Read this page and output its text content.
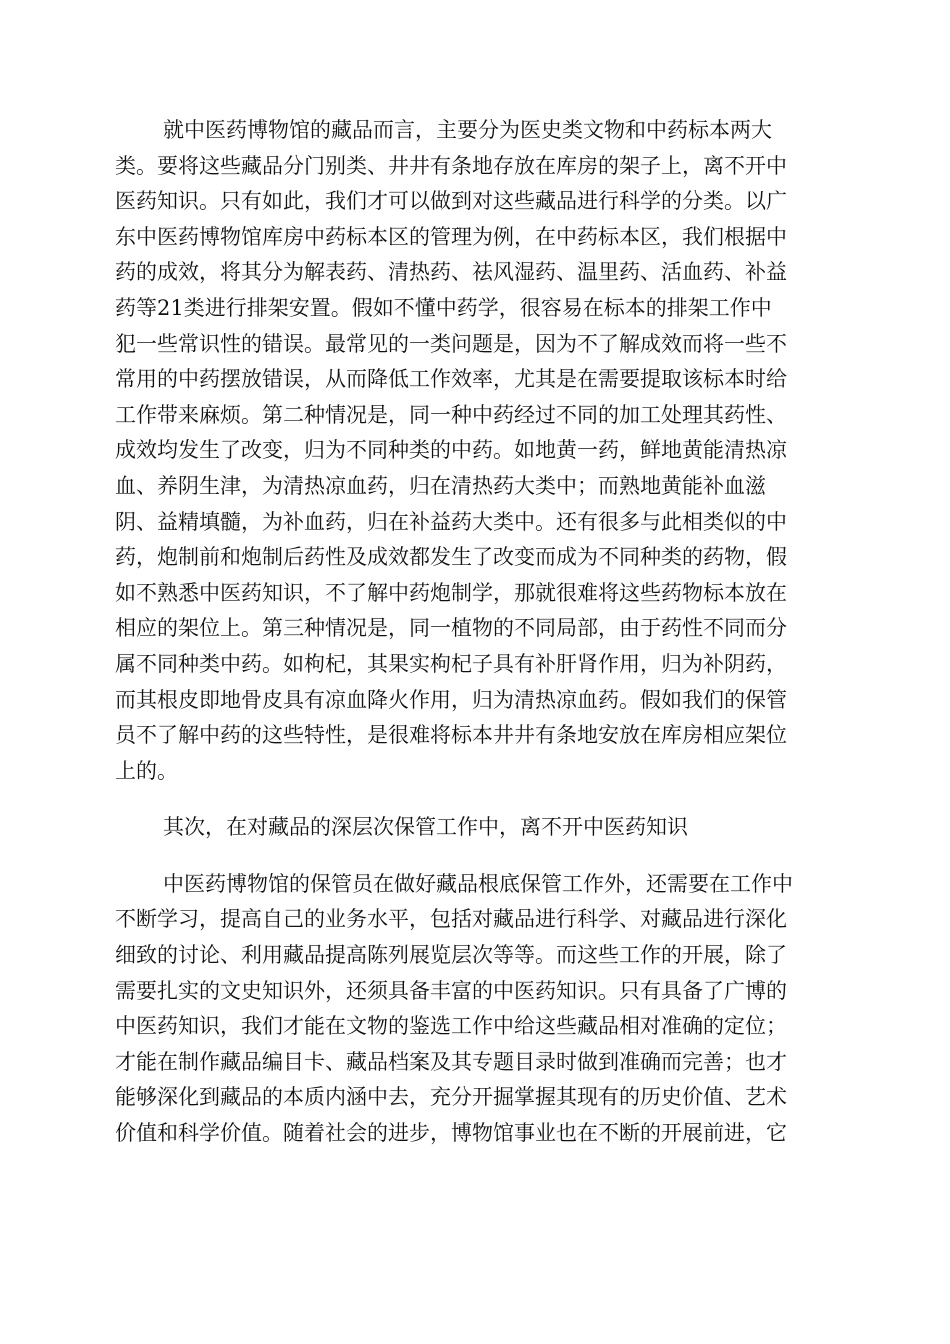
就中医药博物馆的藏品而言，主要分为医史类文物和中药标本两大
类。要将这些藏品分门别类、井井有条地存放在库房的架子上，离不开中
医药知识。只有如此，我们才可以做到对这些藏品进行科学的分类。以广
东中医药博物馆库房中药标本区的管理为例，在中药标本区，我们根据中
药的成效，将其分为解表药、清热药、祛风湿药、温里药、活血药、补益
药等21类进行排架安置。假如不懂中药学，很容易在标本的排架工作中
犯一些常识性的错误。最常见的一类问题是，因为不了解成效而将一些不
常用的中药摆放错误，从而降低工作效率，尤其是在需要提取该标本时给
工作带来麻烦。第二种情况是，同一种中药经过不同的加工处理其药性、
成效均发生了改变，归为不同种类的中药。如地黄一药，鲜地黄能清热凉
血、养阴生津，为清热凉血药，归在清热药大类中；而熟地黄能补血滋
阴、益精填髓，为补血药，归在补益药大类中。还有很多与此相类似的中
药，炮制前和炮制后药性及成效都发生了改变而成为不同种类的药物，假
如不熟悉中医药知识，不了解中药炮制学，那就很难将这些药物标本放在
相应的架位上。第三种情况是，同一植物的不同局部，由于药性不同而分
属不同种类中药。如枸杞，其果实枸杞子具有补肝肾作用，归为补阴药，
而其根皮即地骨皮具有凉血降火作用，归为清热凉血药。假如我们的保管
员不了解中药的这些特性，是很难将标本井井有条地安放在库房相应架位
上的。
其次，在对藏品的深层次保管工作中，离不开中医药知识
中医药博物馆的保管员在做好藏品根底保管工作外，还需要在工作中
不断学习，提高自己的业务水平，包括对藏品进行科学、对藏品进行深化
细致的讨论、利用藏品提高陈列展览层次等等。而这些工作的开展，除了
需要扎实的文史知识外，还须具备丰富的中医药知识。只有具备了广博的
中医药知识，我们才能在文物的鉴选工作中给这些藏品相对准确的定位；
才能在制作藏品编目卡、藏品档案及其专题目录时做到准确而完善；也才
能够深化到藏品的本质内涵中去，充分开掘掌握其现有的历史价值、艺术
价值和科学价值。随着社会的进步，博物馆事业也在不断的开展前进，它
